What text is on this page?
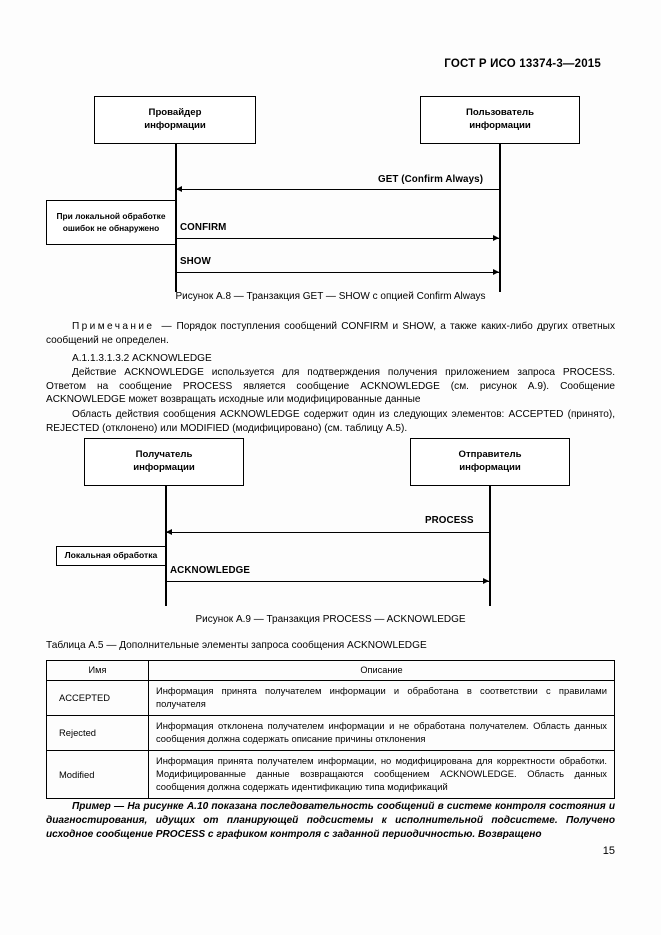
ГОСТ Р ИСО 13374-3—2015
Провайдер
информации
Пользователь
информации
При локальной обработке
ошибок не обнаружено
GET (Confirm Always)
CONFIRM
SHOW
Рисунок А.8 — Транзакция GET — SHOW с опцией Confirm Always
Примечание — Порядок поступления сообщений CONFIRM и SHOW, а также каких-либо других ответных сообщений не определен.
А.1.1.3.1.3.2 ACKNOWLEDGE
Действие ACKNOWLEDGE используется для подтверждения получения приложением запроса PROCESS. Ответом на сообщение PROCESS является сообщение ACKNOWLEDGE (см. рисунок А.9). Сообщение ACKNOWLEDGE может возвращать исходные или модифицированные данные
Область действия сообщения ACKNOWLEDGE содержит один из следующих элементов: ACCEPTED (принято), REJECTED (отклонено) или MODIFIED (модифицировано) (см. таблицу А.5).
Получатель
информации
Отправитель
информации
Локальная обработка
PROCESS
ACKNOWLEDGE
Рисунок А.9 — Транзакция PROCESS — ACKNOWLEDGE
Таблица А.5 — Дополнительные элементы запроса сообщения ACKNOWLEDGE
Имя	Описание
ACCEPTED	Информация принята получателем информации и обработана в соответствии с правилами получателя
Rejected	Информация отклонена получателем информации и не обработана получателем. Область данных сообщения должна содержать описание причины отклонения
Modified	Информация принята получателем информации, но модифицирована для корректности обработки. Модифицированные данные возвращаются сообщением ACKNOWLEDGE. Область данных сообщения должна содержать идентификацию типа модификаций
Пример — На рисунке А.10 показана последовательность сообщений в системе контроля состояния и диагностирования, идущих от планирующей подсистемы к исполнительной подсистеме. Получено исходное сообщение PROCESS с графиком контроля с заданной периодичностью. Возвращено
15
